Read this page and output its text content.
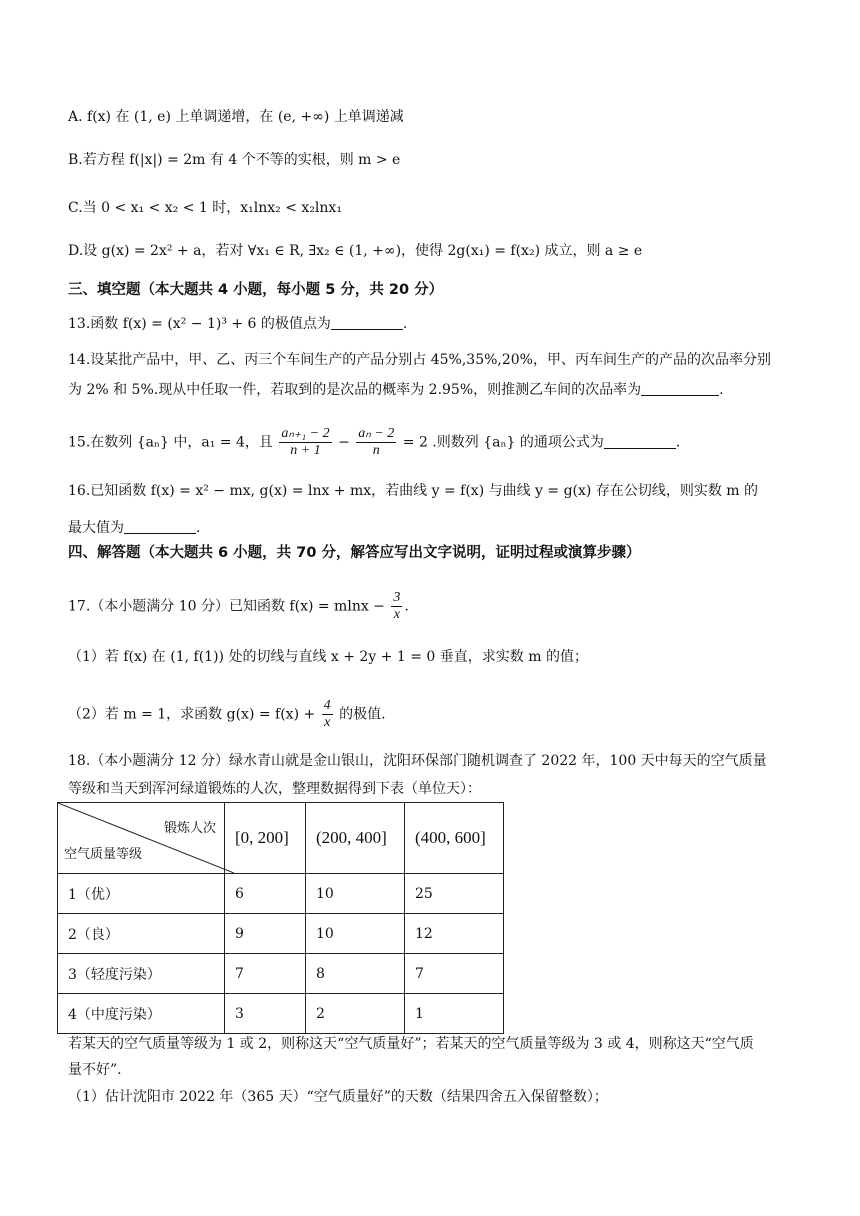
A. f(x) 在 (1, e) 上单调递增，在 (e, +∞) 上单调递减
B.若方程 f(|x|) = 2m 有 4 个不等的实根，则 m > e
C.当 0 < x₁ < x₂ < 1 时，x₁lnx₂ < x₂lnx₁
D.设 g(x) = 2x² + a，若对 ∀x₁ ∈ R, ∃x₂ ∈ (1, +∞)，使得 2g(x₁) = f(x₂) 成立，则 a ≥ e
三、填空题（本大题共 4 小题，每小题 5 分，共 20 分）
13.函数 f(x) = (x² − 1)³ + 6 的极值点为	.
14.设某批产品中，甲、乙、丙三个车间生产的产品分别占 45%,35%,20%，甲、丙车间生产的产品的次品率分别
为 2% 和 5%.现从中任取一件，若取到的是次品的概率为 2.95%，则推测乙车间的次品率为	.
15.在数列 {aₙ} 中，a₁ = 4，且 $\frac{\text{aₙ₊₁ − 2}}{n + 1} - \frac{\text{aₙ − 2}}{n} = 2$ .则数列 {aₙ} 的通项公式为	.
16.已知函数 f(x) = x² − mx, g(x) = lnx + mx，若曲线 y = f(x) 与曲线 y = g(x) 存在公切线，则实数 m 的
最大值为	.
四、解答题（本大题共 6 小题，共 70 分，解答应写出文字说明，证明过程或演算步骤）
17.（本小题满分 10 分）已知函数 $f(x) = mlnx - \frac{3}{x}$ .
（1）若 f(x) 在 (1, f(1)) 处的切线与直线 x + 2y + 1 = 0 垂直，求实数 m 的值；
（2）若 m = 1，求函数 $g(x) = f(x) + \frac{4}{x}$ 的极值.
18.（本小题满分 12 分）绿水青山就是金山银山，沈阳环保部门随机调查了 2022 年，100 天中每天的空气质量
等级和当天到浑河绿道锻炼的人次，整理数据得到下表（单位天）：
锻炼人次
空气质量等级	[0, 200]	(200, 400]	(400, 600]
1（优）	6	10	25
2（良）	9	10	12
3（轻度污染）	7	8	7
4（中度污染）	3	2	1
若某天的空气质量等级为 1 或 2，则称这天“空气质量好”；若某天的空气质量等级为 3 或 4，则称这天“空气质
量不好”.
（1）估计沈阳市 2022 年（365 天）“空气质量好”的天数（结果四舍五入保留整数）；
